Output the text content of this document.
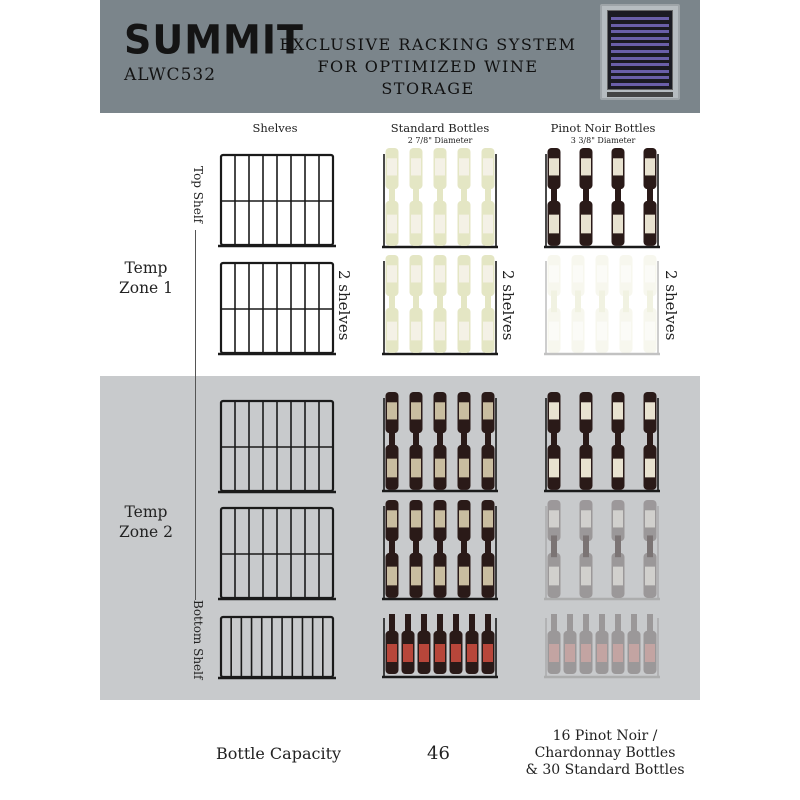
SUMMIT
ALWC532
EXCLUSIVE RACKING SYSTEM
FOR OPTIMIZED WINE STORAGE
Shelves	Standard Bottles
2 7/8" Diameter
Pinot Noir Bottles
3 3/8" Diameter
Top Shelf
Bottom Shelf
Temp
Zone 1
Temp
Zone 2
2 shelves	2 shelves	2 shelves
Bottle Capacity	46
16 Pinot Noir /
Chardonnay Bottles
& 30 Standard Bottles
